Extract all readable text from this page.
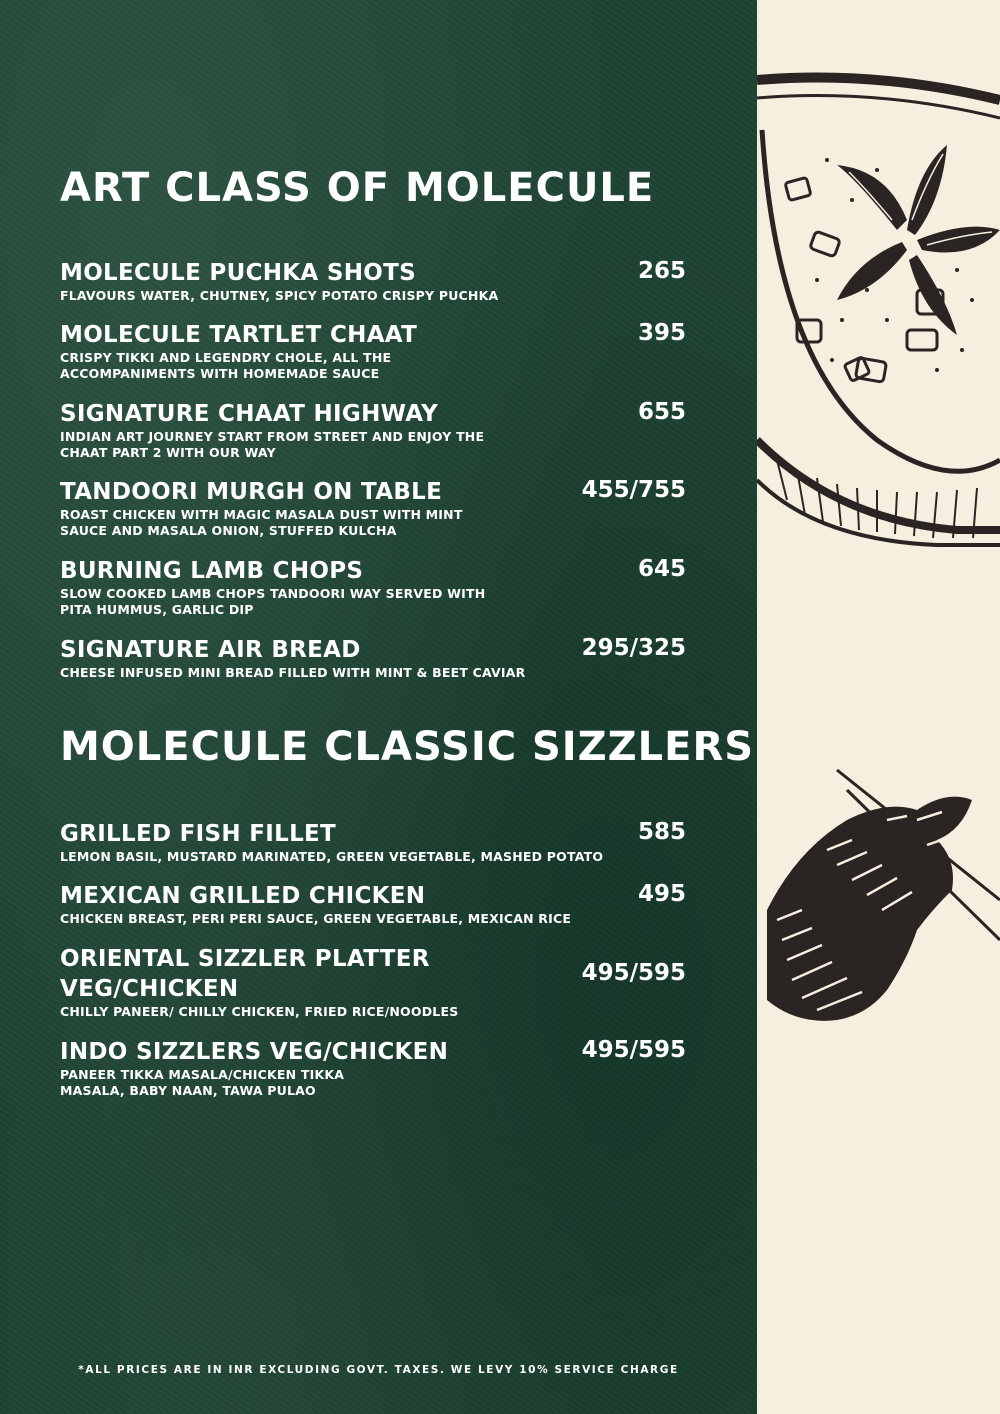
ART CLASS OF MOLECULE
MOLECULE PUCHKA SHOTS
FLAVOURS WATER, CHUTNEY, SPICY POTATO CRISPY PUCHKA
265
MOLECULE TARTLET CHAAT
CRISPY TIKKI AND LEGENDRY CHOLE, ALL THE ACCOMPANIMENTS WITH HOMEMADE SAUCE
395
SIGNATURE CHAAT HIGHWAY
INDIAN ART JOURNEY START FROM STREET AND ENJOY THE CHAAT PART 2 WITH OUR WAY
655
TANDOORI MURGH ON TABLE
ROAST CHICKEN WITH MAGIC MASALA DUST WITH MINT SAUCE AND MASALA ONION, STUFFED KULCHA
455/755
BURNING LAMB CHOPS
SLOW COOKED LAMB CHOPS TANDOORI WAY SERVED WITH PITA HUMMUS, GARLIC DIP
645
SIGNATURE AIR BREAD
CHEESE INFUSED MINI BREAD FILLED WITH MINT & BEET CAVIAR
295/325
MOLECULE CLASSIC SIZZLERS
GRILLED FISH FILLET
LEMON BASIL, MUSTARD MARINATED, GREEN VEGETABLE, MASHED POTATO
585
MEXICAN GRILLED CHICKEN
CHICKEN BREAST, PERI PERI SAUCE, GREEN VEGETABLE, MEXICAN RICE
495
ORIENTAL SIZZLER PLATTER VEG/CHICKEN
CHILLY PANEER/ CHILLY CHICKEN, FRIED RICE/NOODLES
495/595
INDO SIZZLERS VEG/CHICKEN
PANEER TIKKA MASALA/CHICKEN TIKKA MASALA, BABY NAAN, TAWA PULAO
495/595
*ALL PRICES ARE IN INR EXCLUDING GOVT. TAXES. WE LEVY 10% SERVICE CHARGE
